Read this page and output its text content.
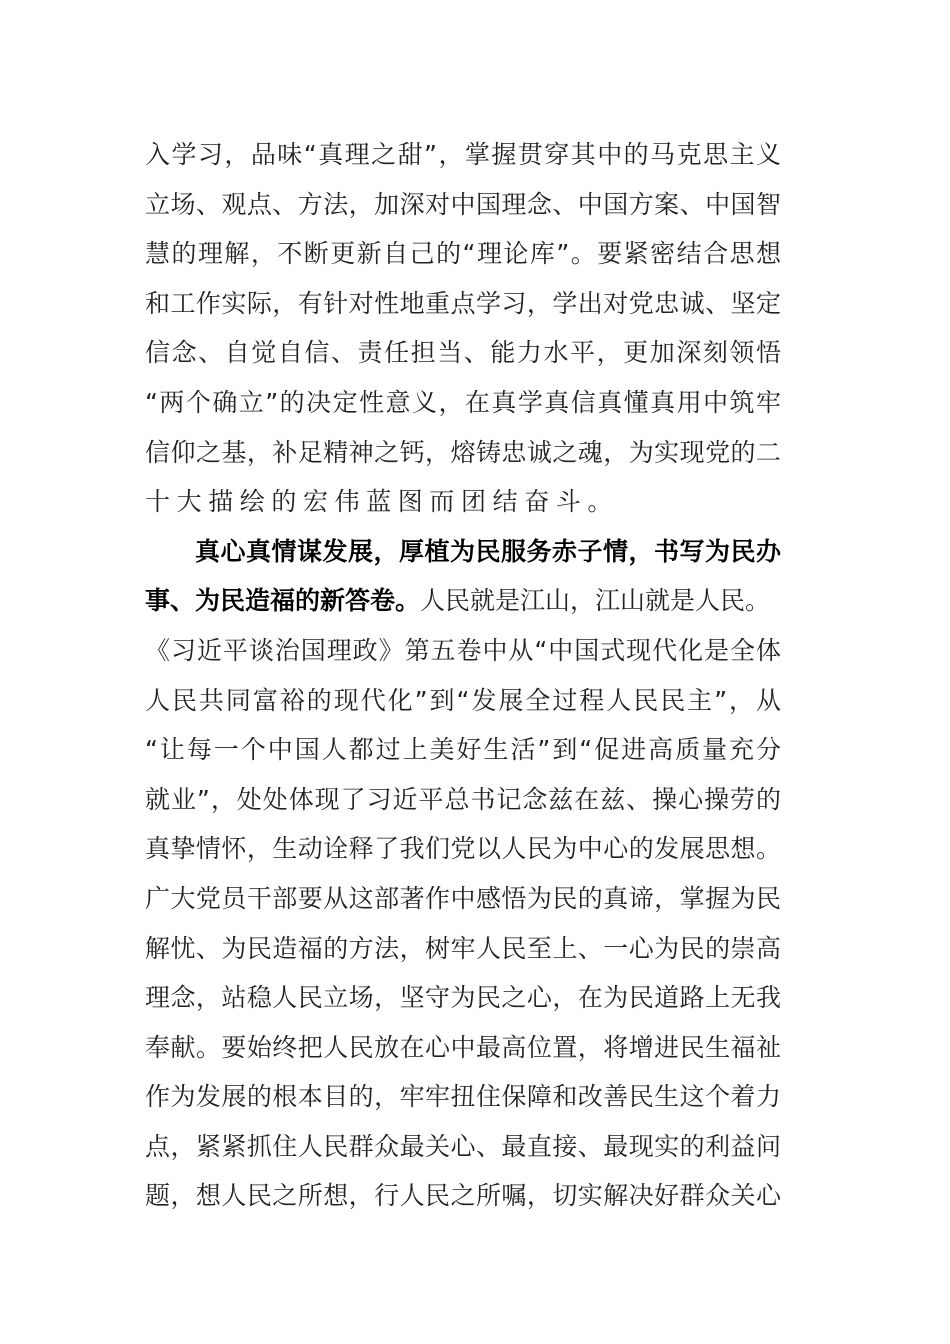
入学习，品味“真理之甜”，掌握贯穿其中的马克思主义
立场、观点、方法，加深对中国理念、中国方案、中国智
慧的理解，不断更新自己的“理论库”。要紧密结合思想
和工作实际，有针对性地重点学习，学出对党忠诚、坚定
信念、自觉自信、责任担当、能力水平，更加深刻领悟
“两个确立”的决定性意义，在真学真信真懂真用中筑牢
信仰之基，补足精神之钙，熔铸忠诚之魂，为实现党的二
十大描绘的宏伟蓝图而团结奋斗。
真心真情谋发展，厚植为民服务赤子情，书写为民办
事、为民造福的新答卷。人民就是江山，江山就是人民。
《习近平谈治国理政》第五卷中从“中国式现代化是全体
人民共同富裕的现代化”到“发展全过程人民民主”，从
“让每一个中国人都过上美好生活”到“促进高质量充分
就业”，处处体现了习近平总书记念兹在兹、操心操劳的
真挚情怀，生动诠释了我们党以人民为中心的发展思想。
广大党员干部要从这部著作中感悟为民的真谛，掌握为民
解忧、为民造福的方法，树牢人民至上、一心为民的崇高
理念，站稳人民立场，坚守为民之心，在为民道路上无我
奉献。要始终把人民放在心中最高位置，将增进民生福祉
作为发展的根本目的，牢牢扭住保障和改善民生这个着力
点，紧紧抓住人民群众最关心、最直接、最现实的利益问
题，想人民之所想，行人民之所嘱，切实解决好群众关心
